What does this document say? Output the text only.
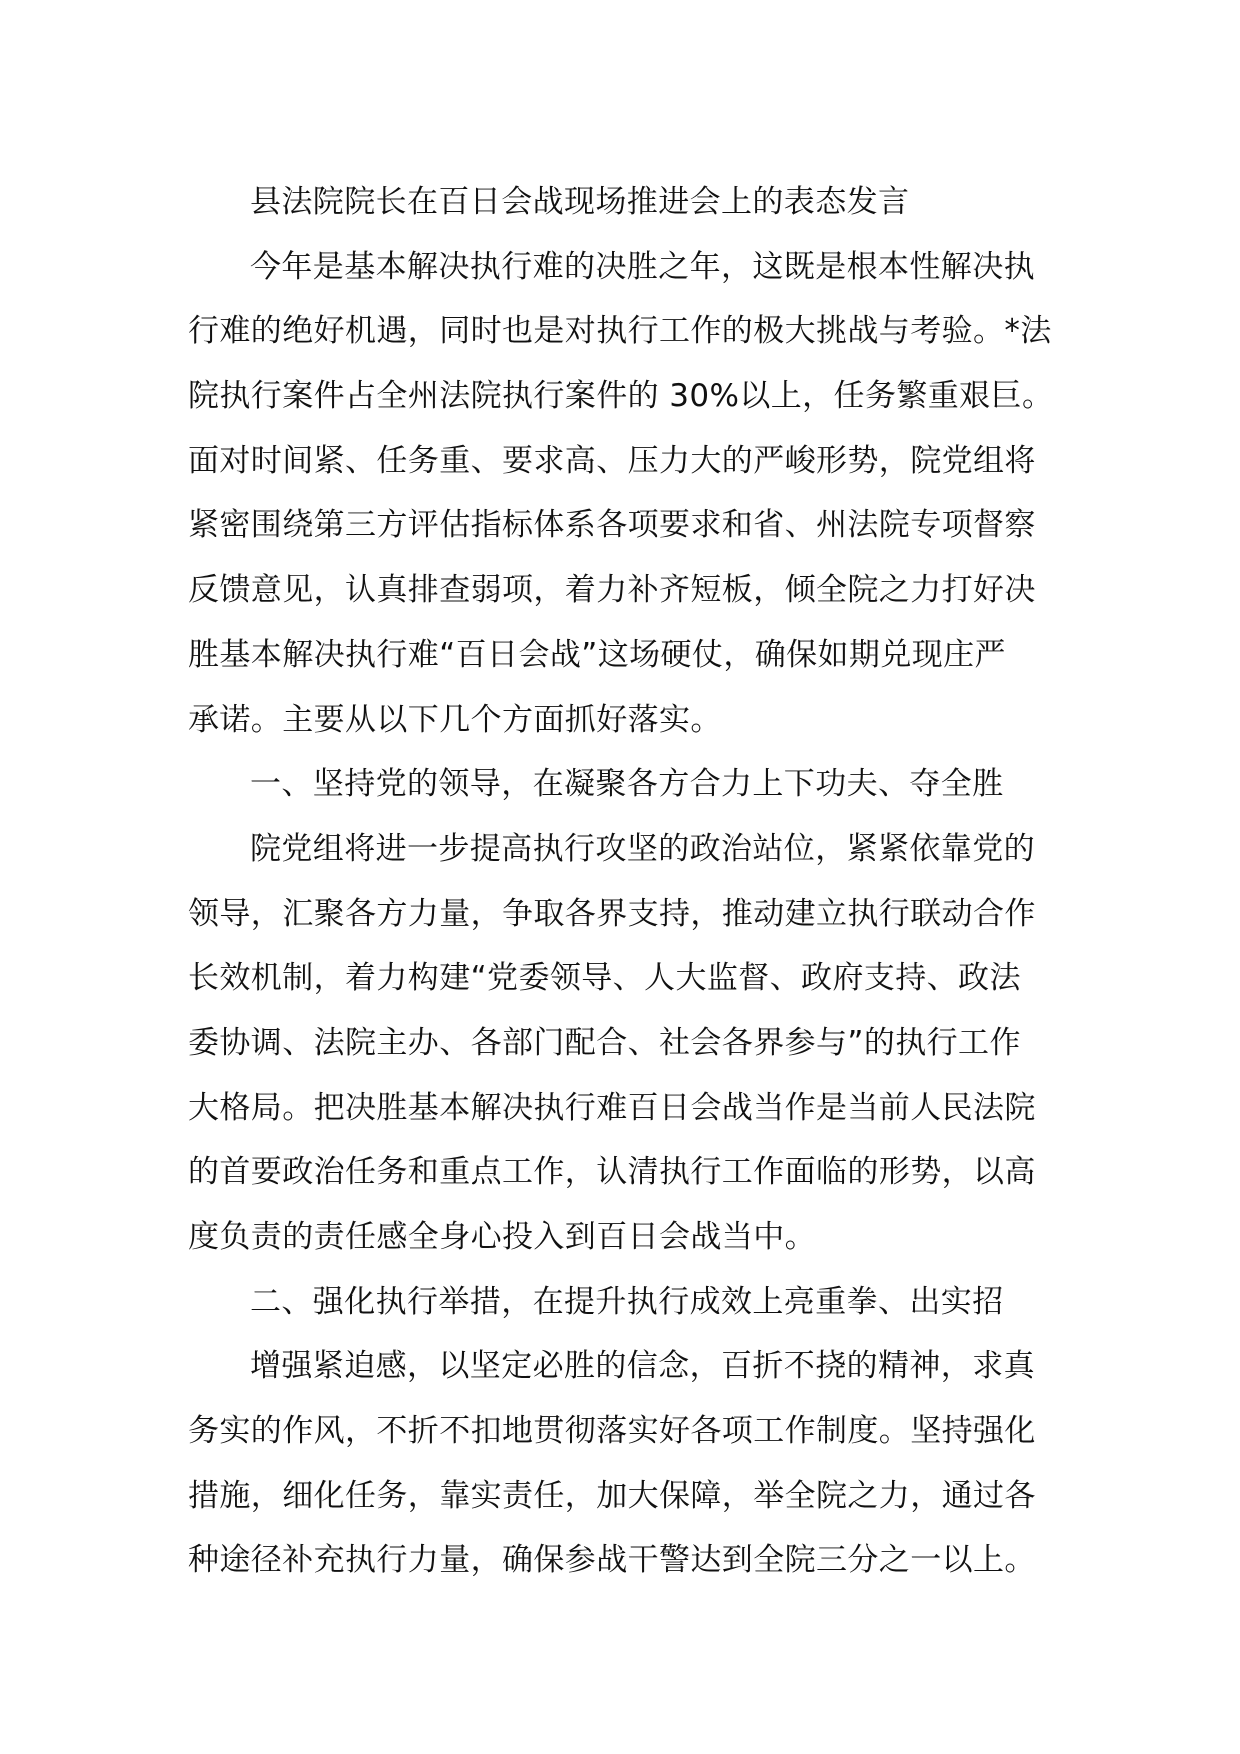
县法院院长在百日会战现场推进会上的表态发言
今年是基本解决执行难的决胜之年，这既是根本性解决执
行难的绝好机遇，同时也是对执行工作的极大挑战与考验。*法
院执行案件占全州法院执行案件的 30%以上，任务繁重艰巨。
面对时间紧、任务重、要求高、压力大的严峻形势，院党组将
紧密围绕第三方评估指标体系各项要求和省、州法院专项督察
反馈意见，认真排查弱项，着力补齐短板，倾全院之力打好决
胜基本解决执行难“百日会战”这场硬仗，确保如期兑现庄严
承诺。主要从以下几个方面抓好落实。
一、坚持党的领导，在凝聚各方合力上下功夫、夺全胜
院党组将进一步提高执行攻坚的政治站位，紧紧依靠党的
领导，汇聚各方力量，争取各界支持，推动建立执行联动合作
长效机制，着力构建“党委领导、人大监督、政府支持、政法
委协调、法院主办、各部门配合、社会各界参与”的执行工作
大格局。把决胜基本解决执行难百日会战当作是当前人民法院
的首要政治任务和重点工作，认清执行工作面临的形势，以高
度负责的责任感全身心投入到百日会战当中。
二、强化执行举措，在提升执行成效上亮重拳、出实招
增强紧迫感，以坚定必胜的信念，百折不挠的精神，求真
务实的作风，不折不扣地贯彻落实好各项工作制度。坚持强化
措施，细化任务，靠实责任，加大保障，举全院之力，通过各
种途径补充执行力量，确保参战干警达到全院三分之一以上。
